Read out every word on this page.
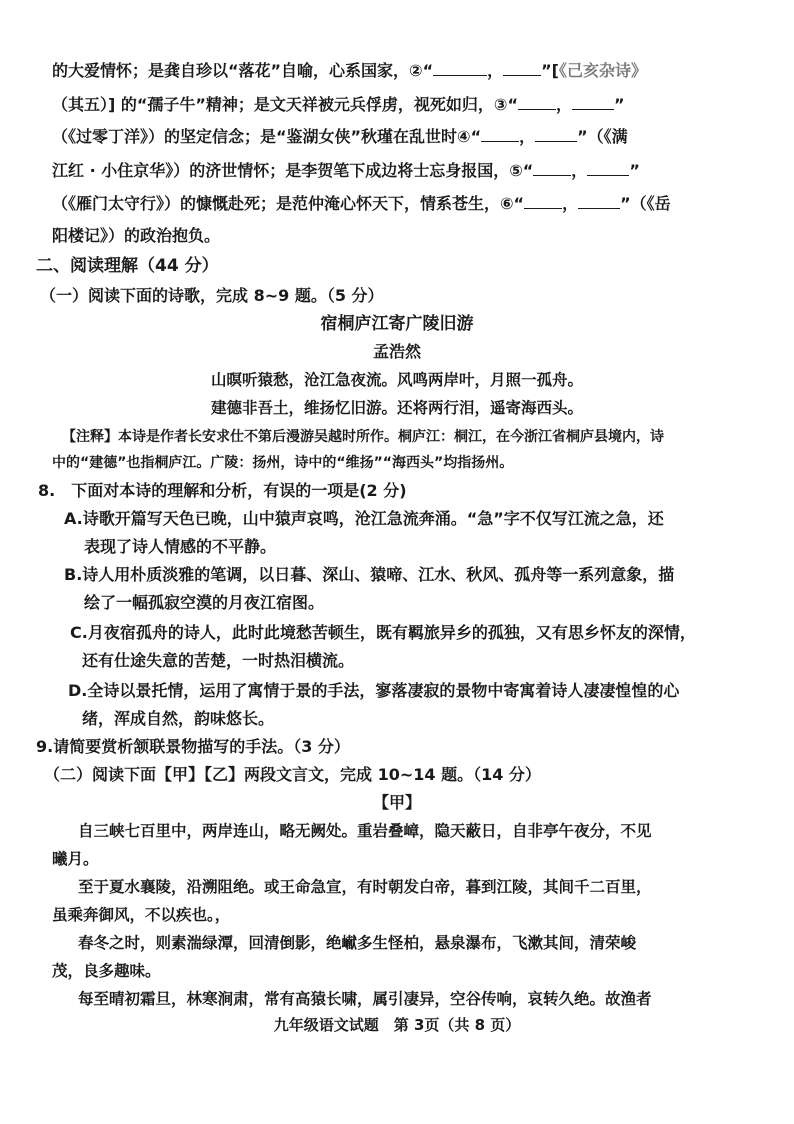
的大爱情怀；是龚自珍以“落花”自喻，心系国家，②“	， ”[《己亥杂诗》
（其五）] 的“孺子牛”精神；是文天祥被元兵俘虏，视死如归，③“ ，	”
（《过零丁洋》）的坚定信念；是“鉴湖女侠”秋瑾在乱世时④“ ，	”（《满
江红 · 小住京华》）的济世情怀；是李贺笔下成边将士忘身报国，⑤“ ，	”
（《雁门太守行》）的慷慨赴死；是范仲淹心怀天下，情系苍生，⑥“ ，	”（《岳
阳楼记》）的政治抱负。
二、阅读理解（44 分）
（一）阅读下面的诗歌，完成 8~9 题。（5 分）
宿桐庐江寄广陵旧游
孟浩然
山暝听猿愁，沧江急夜流。风鸣两岸叶，月照一孤舟。
建德非吾土，维扬忆旧游。还将两行泪，遥寄海西头。
【注释】本诗是作者长安求仕不第后漫游吴越时所作。桐庐江：桐江，在今浙江省桐庐县境内，诗
中的“建德”也指桐庐江。广陵：扬州，诗中的“维扬”“海西头”均指扬州。
8.　下面对本诗的理解和分析，有误的一项是(2 分)
A.诗歌开篇写天色已晚，山中猿声哀鸣，沧江急流奔涌。“急”字不仅写江流之急，还
表现了诗人情感的不平静。
B.诗人用朴质淡雅的笔调，以日暮、深山、猿啼、江水、秋风、孤舟等一系列意象，描
绘了一幅孤寂空漠的月夜江宿图。
C.月夜宿孤舟的诗人，此时此境愁苦顿生，既有羁旅异乡的孤独，又有思乡怀友的深情，
还有仕途失意的苦楚，一时热泪横流。
D.全诗以景托情，运用了寓情于景的手法，寥落凄寂的景物中寄寓着诗人凄凄惶惶的心
绪，浑成自然，韵味悠长。
9.请简要赏析颔联景物描写的手法。（3 分）
（二）阅读下面【甲】【乙】两段文言文，完成 10~14 题。（14 分）
【甲】
自三峡七百里中，两岸连山，略无阙处。重岩叠嶂，隐天蔽日，自非亭午夜分，不见
曦月。
至于夏水襄陵，沿溯阻绝。或王命急宣，有时朝发白帝，暮到江陵，其间千二百里，
虽乘奔御风，不以疾也。，
春冬之时，则素湍绿潭，回清倒影，绝𪩘多生怪柏，悬泉瀑布，飞漱其间，清荣峻
茂，良多趣味。
每至晴初霜旦，林寒涧肃，常有高猿长啸，属引凄异，空谷传响，哀转久绝。故渔者
九年级语文试题　第 3页（共 8 页）
